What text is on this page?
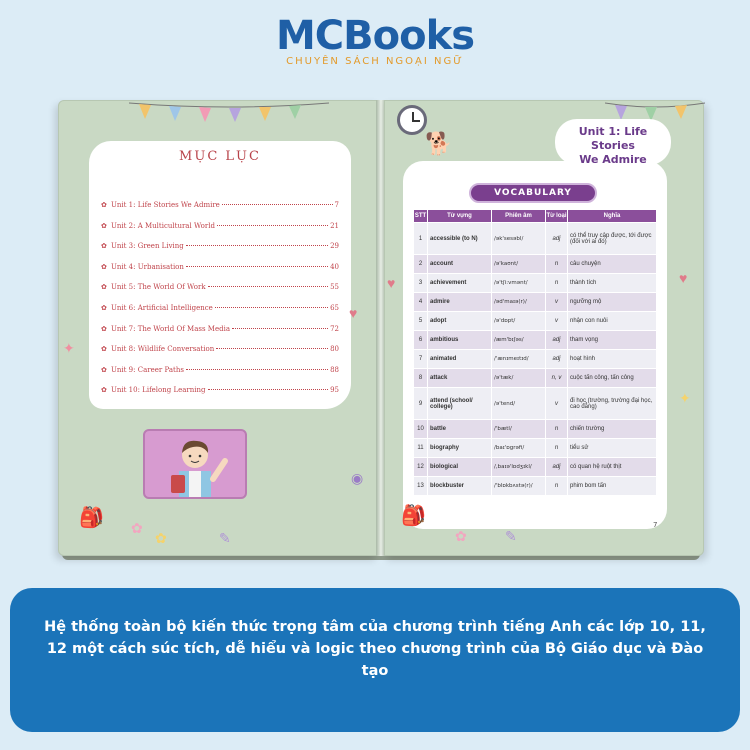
MCBooks
CHUYÊN SÁCH NGOẠI NGỮ
MỤC LỤC
✿ Unit 1: Life Stories We Admire	7
✿ Unit 2: A Multicultural World	21
✿ Unit 3: Green Living	29
✿ Unit 4: Urbanisation	40
✿ Unit 5: The World Of Work	55
✿ Unit 6: Artificial Intelligence	65
✿ Unit 7: The World Of Mass Media	72
✿ Unit 8: Wildlife Conversation	80
✿ Unit 9: Career Paths	88
✿ Unit 10: Lifelong Learning	95
✦
✿
✿	✎
🎒
♥
◉
🐕	Unit 1: Life Stories
We Admire
VOCABULARY
STT	Từ vựng	Phiên âm	Từ loại	Nghĩa
1	accessible (to N)	/ək'sesəbl/	adj	có thể truy cập được, tới được (đối với ai đó)
2	account	/ə'kaʊnt/	n	câu chuyện
3	achievement	/ə'tʃi:vmənt/	n	thành tích
4	admire	/əd'maɪə(r)/	v	ngưỡng mộ
5	adopt	/ə'dɒpt/	v	nhận con nuôi
6	ambitious	/æm'bɪʃəs/	adj	tham vọng
7	animated	/'ænɪmeɪtɪd/	adj	hoạt hình
8	attack	/ə'tæk/	n, v	cuộc tấn công, tấn công
9	attend (school/ college)	/ə'tend/	v	đi học (trường, trường đại học, cao đẳng)
10	battle	/'bætl/	n	chiến trường
11	biography	/baɪ'ɒgrəfi/	n	tiểu sử
12	biological	/,baɪə'lɒdʒɪkl/	adj	có quan hệ ruột thịt
13	blockbuster	/'blɒkbʌstə(r)/	n	phim bom tấn
7
♥	♥
✦
🎒
✿	✎

Hệ thống toàn bộ kiến thức trọng tâm của chương trình tiếng Anh các lớp 10, 11, 12 một cách súc tích, dễ hiểu và logic theo chương trình của Bộ Giáo dục và Đào tạo
